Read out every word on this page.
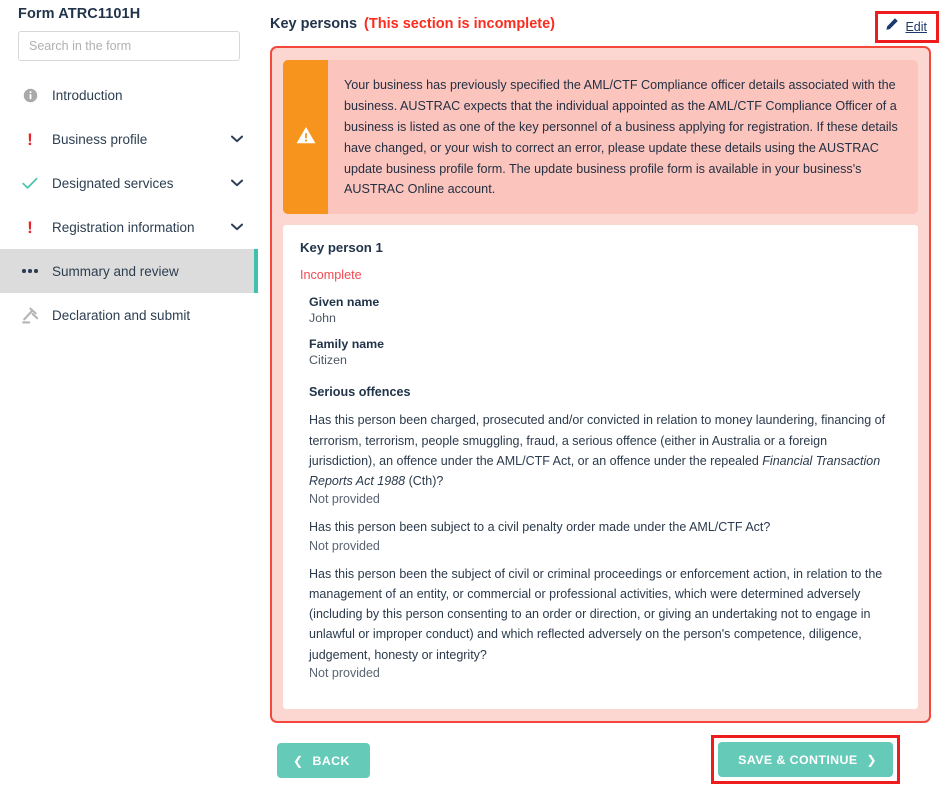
Form ATRC1101H
Search in the form
Introduction
! Business profile
Designated services
! Registration information
Summary and review
Declaration and submit
Key persons (This section is incomplete)	Edit
Your business has previously specified the AML/CTF Compliance officer details associated with the business. AUSTRAC expects that the individual appointed as the AML/CTF Compliance Officer of a business is listed as one of the key personnel of a business applying for registration. If these details have changed, or your wish to correct an error, please update these details using the AUSTRAC update business profile form. The update business profile form is available in your business's AUSTRAC Online account.
Key person 1
Incomplete
Given name
John
Family name
Citizen
Serious offences
Has this person been charged, prosecuted and/or convicted in relation to money laundering, financing of terrorism, terrorism, people smuggling, fraud, a serious offence (either in Australia or a foreign jurisdiction), an offence under the AML/CTF Act, or an offence under the repealed Financial Transaction Reports Act 1988 (Cth)?
Not provided
Has this person been subject to a civil penalty order made under the AML/CTF Act?
Not provided
Has this person been the subject of civil or criminal proceedings or enforcement action, in relation to the management of an entity, or commercial or professional activities, which were determined adversely (including by this person consenting to an order or direction, or giving an undertaking not to engage in unlawful or improper conduct) and which reflected adversely on the person's competence, diligence, judgement, honesty or integrity?
Not provided
❮ BACK	SAVE & CONTINUE ❯
